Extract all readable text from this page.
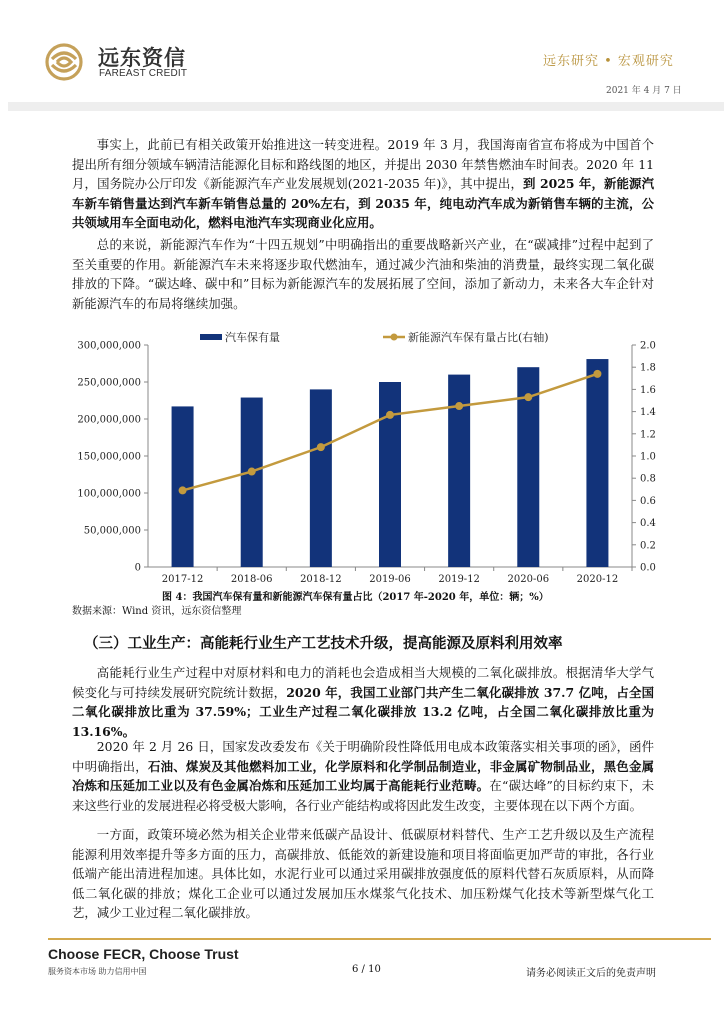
远东资信
FAREAST CREDIT
远东研究 • 宏观研究
2021 年 4 月 7 日
事实上，此前已有相关政策开始推进这一转变进程。2019 年 3 月，我国海南省宣布将成为中国首个提出所有细分领域车辆清洁能源化目标和路线图的地区，并提出 2030 年禁售燃油车时间表。2020 年 11 月，国务院办公厅印发《新能源汽车产业发展规划(2021-2035 年)》，其中提出，到 2025 年，新能源汽车新车销售量达到汽车新车销售总量的 20%左右，到 2035 年，纯电动汽车成为新销售车辆的主流，公共领域用车全面电动化，燃料电池汽车实现商业化应用。
总的来说，新能源汽车作为“十四五规划”中明确指出的重要战略新兴产业，在“碳减排”过程中起到了至关重要的作用。新能源汽车未来将逐步取代燃油车，通过减少汽油和柴油的消费量，最终实现二氧化碳排放的下降。“碳达峰、碳中和”目标为新能源汽车的发展拓展了空间，添加了新动力，未来各大车企针对新能源汽车的布局将继续加强。
0
50,000,000
100,000,000
150,000,000
200,000,000
250,000,000
300,000,000
0.0
0.2
0.4
0.6
0.8
1.0
1.2
1.4
1.6
1.8
2.0
2017-12	2018-06	2018-12	2019-06	2019-12	2020-06	2020-12
汽车保有量	新能源汽车保有量占比(右轴)
图 4：我国汽车保有量和新能源汽车保有量占比（2017 年-2020 年，单位：辆；%）
数据来源：Wind 资讯，远东资信整理
（三）工业生产：高能耗行业生产工艺技术升级，提高能源及原料利用效率
高能耗行业生产过程中对原材料和电力的消耗也会造成相当大规模的二氧化碳排放。根据清华大学气候变化与可持续发展研究院统计数据，2020 年，我国工业部门共产生二氧化碳排放 37.7 亿吨，占全国二氧化碳排放比重为 37.59%；工业生产过程二氧化碳排放 13.2 亿吨，占全国二氧化碳排放比重为 13.16%。
2020 年 2 月 26 日，国家发改委发布《关于明确阶段性降低用电成本政策落实相关事项的函》，函件中明确指出，石油、煤炭及其他燃料加工业，化学原料和化学制品制造业，非金属矿物制品业，黑色金属冶炼和压延加工业以及有色金属冶炼和压延加工业均属于高能耗行业范畴。在“碳达峰”的目标约束下，未来这些行业的发展进程必将受极大影响，各行业产能结构或将因此发生改变，主要体现在以下两个方面。
一方面，政策环境必然为相关企业带来低碳产品设计、低碳原材料替代、生产工艺升级以及生产流程能源利用效率提升等多方面的压力，高碳排放、低能效的新建设施和项目将面临更加严苛的审批，各行业低端产能出清进程加速。具体比如，水泥行业可以通过采用碳排放强度低的原料代替石灰质原料，从而降低二氧化碳的排放；煤化工企业可以通过发展加压水煤浆气化技术、加压粉煤气化技术等新型煤气化工艺，减少工业过程二氧化碳排放。
Choose FECR, Choose Trust
服务资本市场 助力信用中国	6 / 10	请务必阅读正文后的免责声明
